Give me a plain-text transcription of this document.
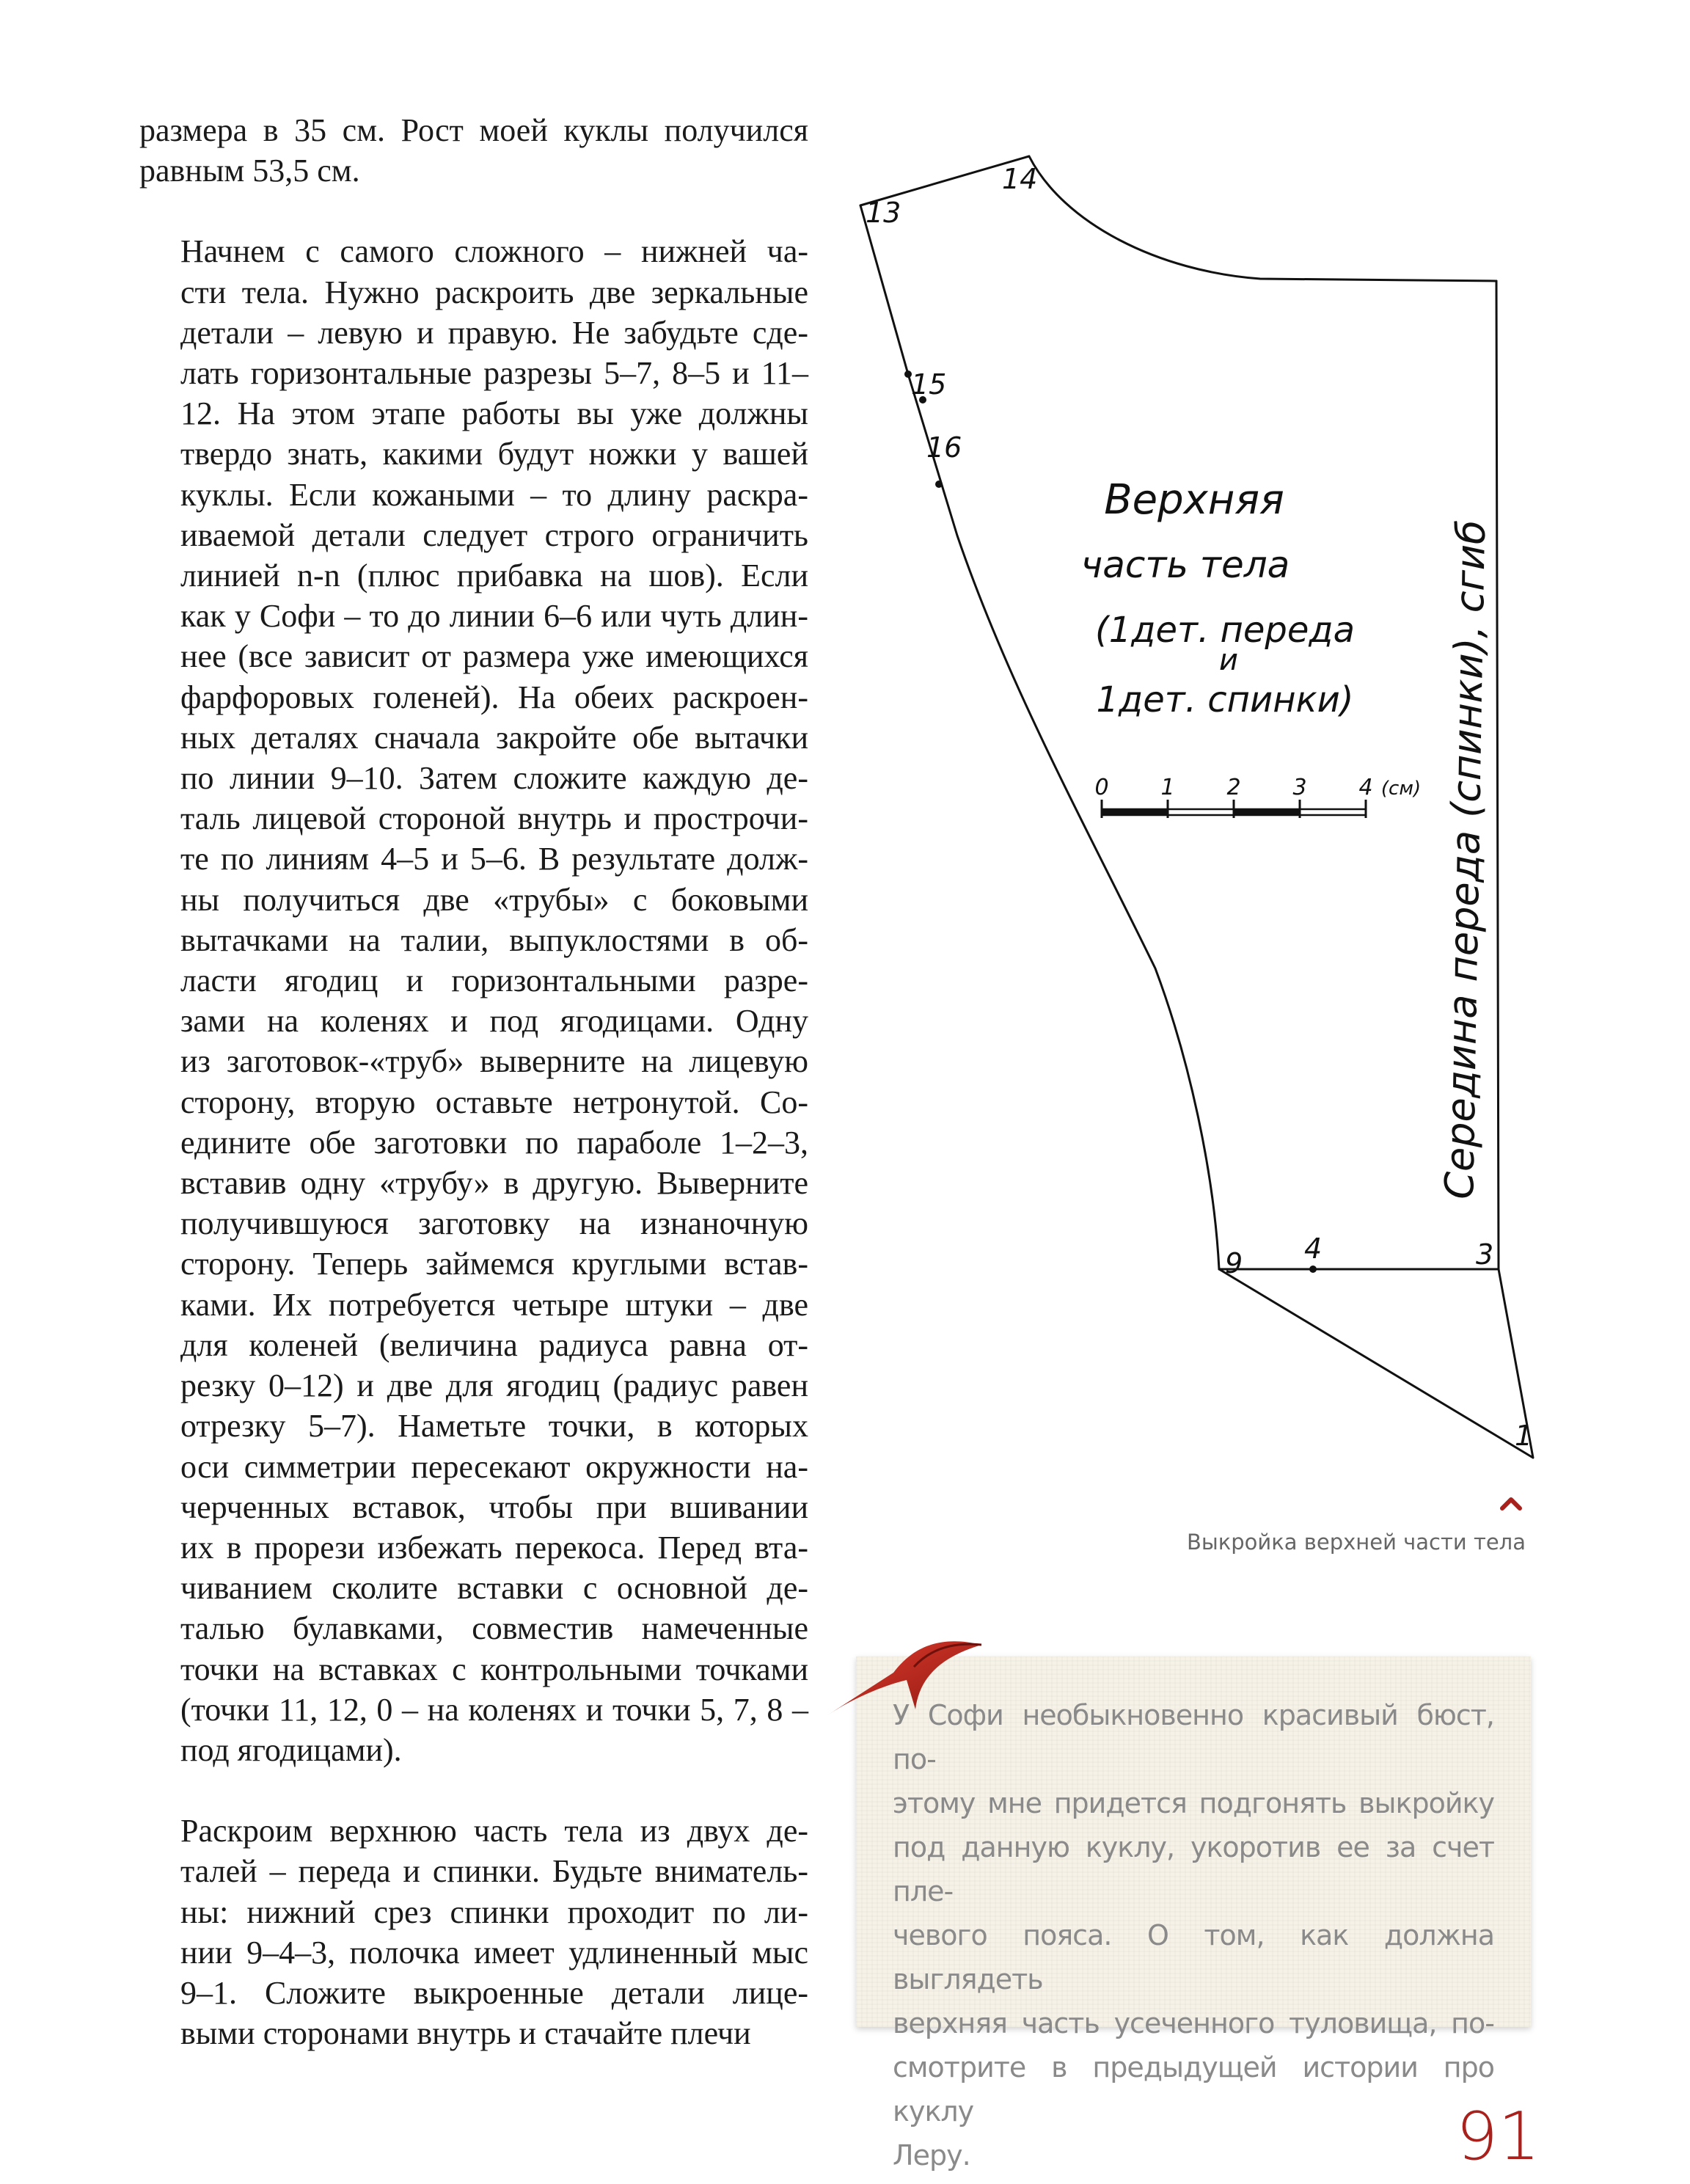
размера в 35 см. Рост моей куклы получился
равным 53,5 см.

Начнем с самого сложного – нижней ча-
сти тела. Нужно раскроить две зеркальные
детали – левую и правую. Не забудьте сде-
лать горизонтальные разрезы 5–7, 8–5 и 11–
12. На этом этапе работы вы уже должны
твердо знать, какими будут ножки у вашей
куклы. Если кожаными – то длину раскра-
иваемой детали следует строго ограничить
линией n-n (плюс прибавка на шов). Если
как у Софи – то до линии 6–6 или чуть длин-
нее (все зависит от размера уже имеющихся
фарфоровых голеней). На обеих раскроен-
ных деталях сначала закройте обе вытачки
по линии 9–10. Затем сложите каждую де-
таль лицевой стороной внутрь и прострочи-
те по линиям 4–5 и 5–6. В результате долж-
ны получиться две «трубы» с боковыми
вытачками на талии, выпуклостями в об-
ласти ягодиц и горизонтальными разре-
зами на коленях и под ягодицами. Одну
из заготовок-«труб» выверните на лицевую
сторону, вторую оставьте нетронутой. Со-
едините обе заготовки по параболе 1–2–3,
вставив одну «трубу» в другую. Выверните
получившуюся заготовку на изнаночную
сторону. Теперь займемся круглыми встав-
ками. Их потребуется четыре штуки – две
для коленей (величина радиуса равна от-
резку 0–12) и две для ягодиц (радиус равен
отрезку 5–7). Наметьте точки, в которых
оси симметрии пересекают окружности на-
черченных вставок, чтобы при вшивании
их в прорези избежать перекоса. Перед вта-
чиванием сколите вставки с основной де-
талью булавками, совместив намеченные
точки на вставках с контрольными точками
(точки 11, 12, 0 – на коленях и точки 5, 7, 8 –
под ягодицами).

Раскроим верхнюю часть тела из двух де-
талей – переда и спинки. Будьте вниматель-
ны: нижний срез спинки проходит по ли-
нии 9–4–3, полочка имеет удлиненный мыс
9–1. Сложите выкроенные детали лице-
выми сторонами внутрь и стачайте плечи

13
14
15
16
9 4	3
1
Верхняя
часть тела
(1дет. переда
и
1дет. спинки) Середина переда (спинки), сгиб
0 1 2 3 4 (см)
Выкройка верхней части тела
У Софи необыкновенно красивый бюст, по-
этому мне придется подгонять выкройку
под данную куклу, укоротив ее за счет пле-
чевого пояса. О том, как должна выглядеть
верхняя часть усеченного туловища, по-
смотрите в предыдущей истории про куклу
Леру.	91
